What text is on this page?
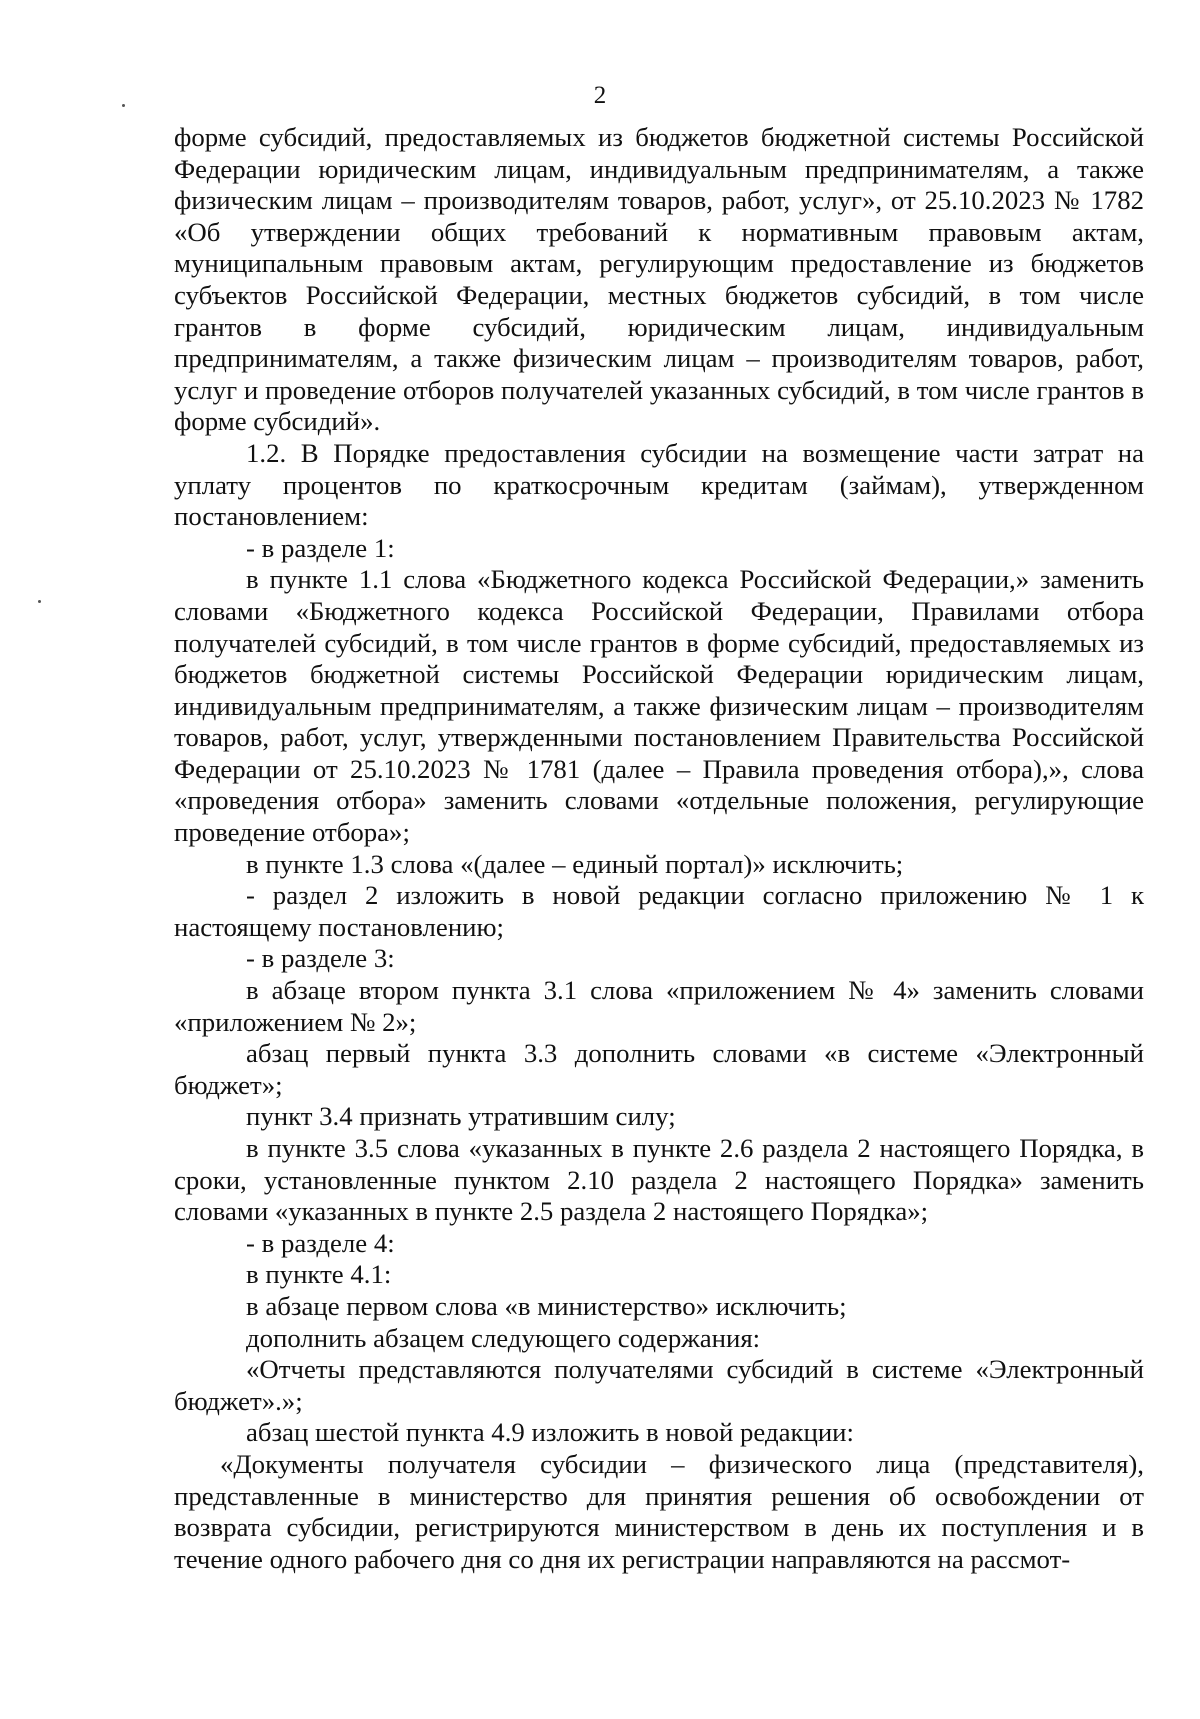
2

форме субсидий, предоставляемых из бюджетов бюджетной системы Российской Федерации юридическим лицам, индивидуальным предпринимателям, а также физическим лицам – производителям товаров, работ, услуг», от 25.10.2023 № 1782 «Об утверждении общих требований к нормативным правовым актам, муниципальным правовым актам, регулирующим предоставление из бюджетов субъектов Российской Федерации, местных бюджетов субсидий, в том числе грантов в форме субсидий, юридическим лицам, индивидуальным предпринимателям, а также физическим лицам – производителям товаров, работ, услуг и проведение отборов получателей указанных субсидий, в том числе грантов в форме субсидий».

1.2. В Порядке предоставления субсидии на возмещение части затрат на уплату процентов по краткосрочным кредитам (займам), утвержденном постановлением:

- в разделе 1:

в пункте 1.1 слова «Бюджетного кодекса Российской Федерации,» заменить словами «Бюджетного кодекса Российской Федерации, Правилами отбора получателей субсидий, в том числе грантов в форме субсидий, предоставляемых из бюджетов бюджетной системы Российской Федерации юридическим лицам, индивидуальным предпринимателям, а также физическим лицам – производителям товаров, работ, услуг, утвержденными постановлением Правительства Российской Федерации от 25.10.2023 № 1781 (далее – Правила проведения отбора),», слова «проведения отбора» заменить словами «отдельные положения, регулирующие проведение отбора»;

в пункте 1.3 слова «(далее – единый портал)» исключить;

- раздел 2 изложить в новой редакции согласно приложению № 1 к настоящему постановлению;

- в разделе 3:

в абзаце втором пункта 3.1 слова «приложением № 4» заменить словами «приложением № 2»;

абзац первый пункта 3.3 дополнить словами «в системе «Электронный бюджет»;

пункт 3.4 признать утратившим силу;

в пункте 3.5 слова «указанных в пункте 2.6 раздела 2 настоящего Порядка, в сроки, установленные пунктом 2.10 раздела 2 настоящего Порядка» заменить словами «указанных в пункте 2.5 раздела 2 настоящего Порядка»;

- в разделе 4:

в пункте 4.1:

в абзаце первом слова «в министерство» исключить;

дополнить абзацем следующего содержания:

«Отчеты представляются получателями субсидий в системе «Электронный бюджет».»;

абзац шестой пункта 4.9 изложить в новой редакции:

«Документы получателя субсидии – физического лица (представителя), представленные в министерство для принятия решения об освобождении от возврата субсидии, регистрируются министерством в день их поступления и в течение одного рабочего дня со дня их регистрации направляются на рассмот-
